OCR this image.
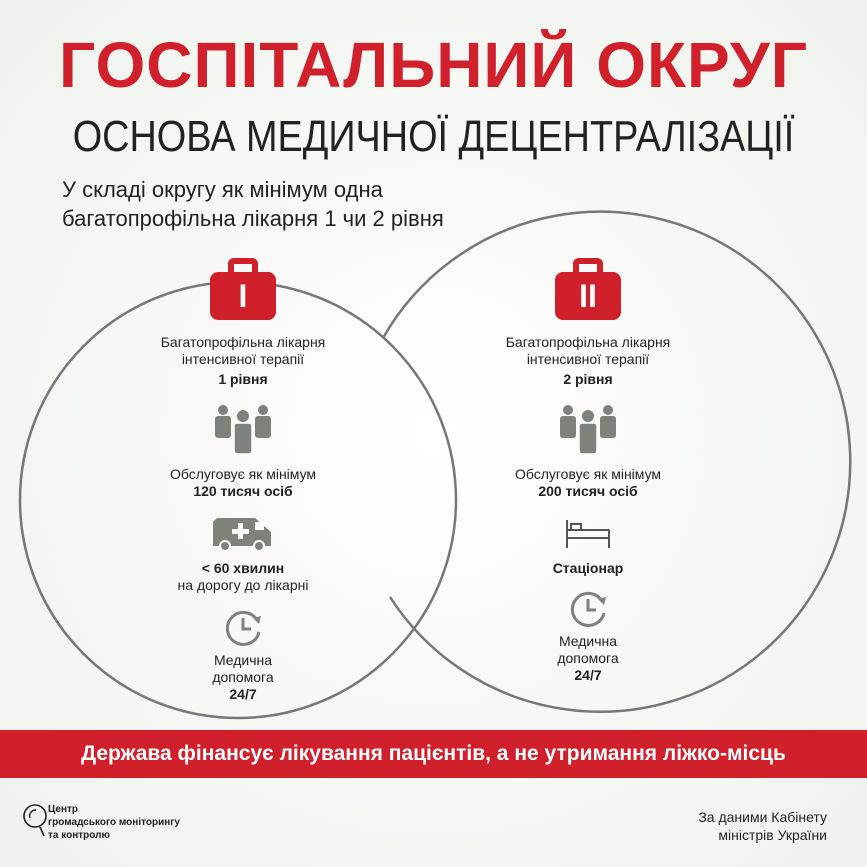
ГОСПІТАЛЬНИЙ ОКРУГ
ОСНОВА МЕДИЧНОЇ ДЕЦЕНТРАЛІЗАЦІЇ
У складі округу як мінімум одна
багатопрофільна лікарня 1 чи 2 рівня
I
Багатопрофільна лікарня
інтенсивної терапії
1 рівня
Обслуговує як мінімум
120 тисяч осіб
< 60 хвилин
на дорогу до лікарні
Медична
допомога
24/7
II
Багатопрофільна лікарня
інтенсивної терапії
2 рівня
Обслуговує як мінімум
200 тисяч осіб
Стаціонар
Медична
допомога
24/7
Держава фінансує лікування пацієнтів, а не утримання ліжко-місць
Центр
громадського моніторингу
та контролю
За даними Кабінету
міністрів України
